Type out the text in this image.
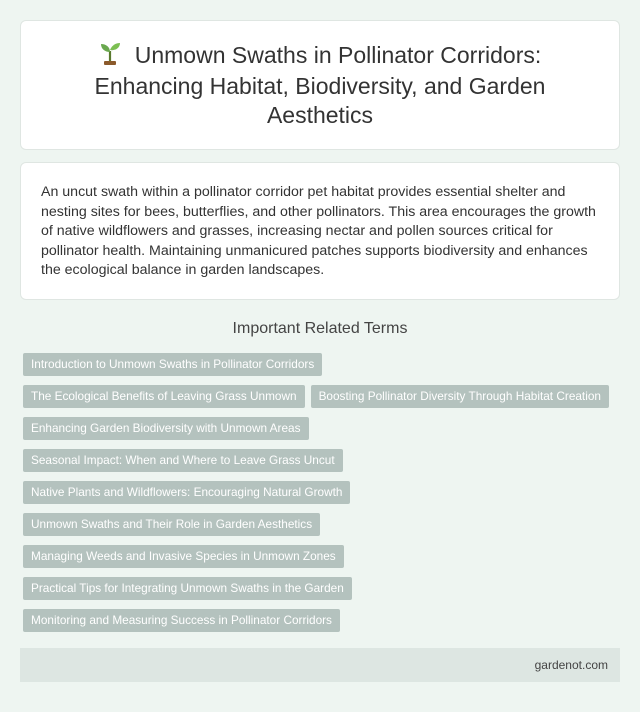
Unmown Swaths in Pollinator Corridors: Enhancing Habitat, Biodiversity, and Garden Aesthetics

An uncut swath within a pollinator corridor pet habitat provides essential shelter and nesting sites for bees, butterflies, and other pollinators. This area encourages the growth of native wildflowers and grasses, increasing nectar and pollen sources critical for pollinator health. Maintaining unmanicured patches supports biodiversity and enhances the ecological balance in garden landscapes.

Important Related Terms
Introduction to Unmown Swaths in Pollinator Corridors
The Ecological Benefits of Leaving Grass Unmown	Boosting Pollinator Diversity Through Habitat Creation
Enhancing Garden Biodiversity with Unmown Areas
Seasonal Impact: When and Where to Leave Grass Uncut
Native Plants and Wildflowers: Encouraging Natural Growth
Unmown Swaths and Their Role in Garden Aesthetics
Managing Weeds and Invasive Species in Unmown Zones
Practical Tips for Integrating Unmown Swaths in the Garden
Monitoring and Measuring Success in Pollinator Corridors
gardenot.com
